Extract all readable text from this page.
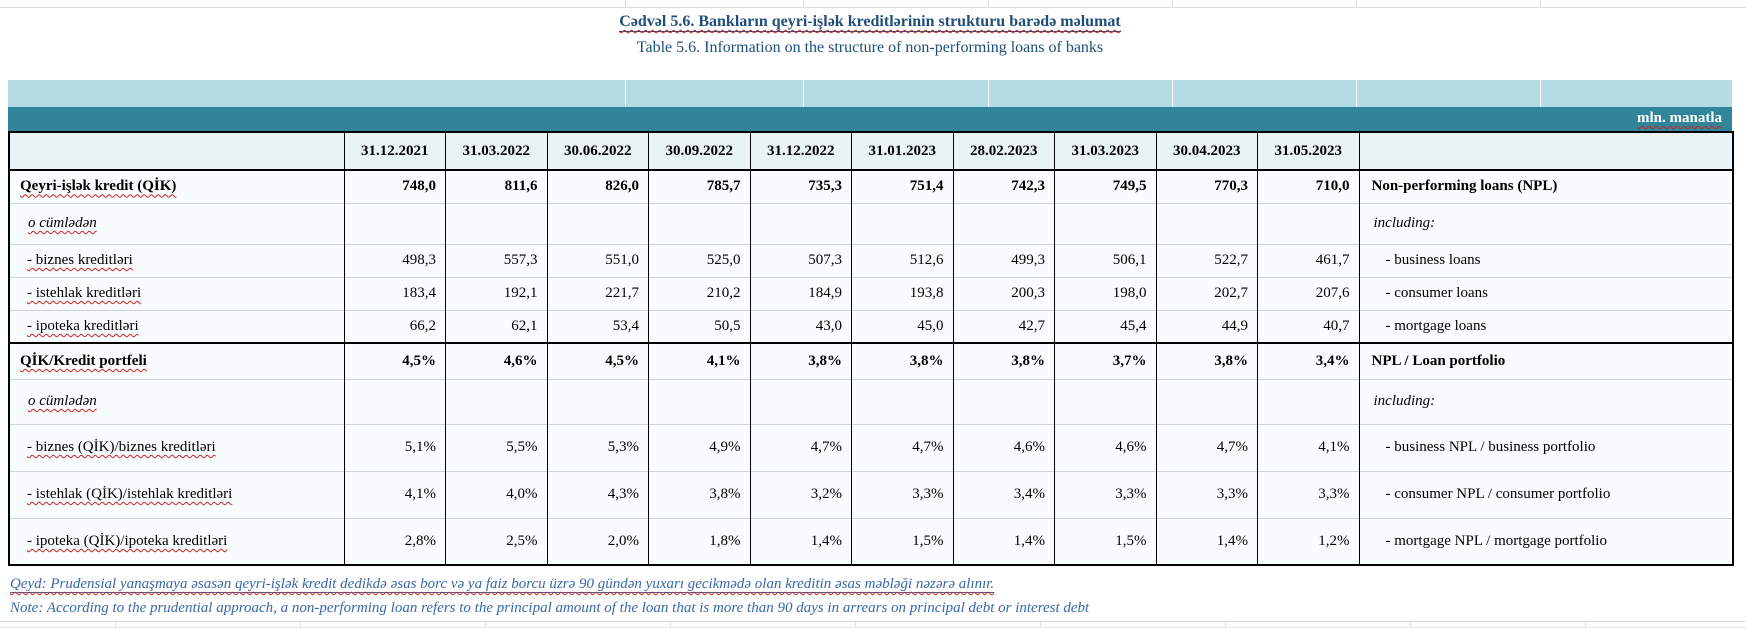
Cədvəl 5.6. Bankların qeyri-işlək kreditlərinin strukturu barədə məlumat
Table 5.6. Information on the structure of non-performing loans of banks
mln. manatla
	31.12.2021	31.03.2022	30.06.2022	30.09.2022	31.12.2022	31.01.2023	28.02.2023	31.03.2023	30.04.2023	31.05.2023	
Qeyri-işlək kredit (QİK)	748,0	811,6	826,0	785,7	735,3	751,4	742,3	749,5	770,3	710,0	Non-performing loans (NPL)
o cümlədən											including:
- biznes kreditləri	498,3	557,3	551,0	525,0	507,3	512,6	499,3	506,1	522,7	461,7	- business loans
- istehlak kreditləri	183,4	192,1	221,7	210,2	184,9	193,8	200,3	198,0	202,7	207,6	- consumer loans
- ipoteka kreditləri	66,2	62,1	53,4	50,5	43,0	45,0	42,7	45,4	44,9	40,7	- mortgage loans
QİK/Kredit portfeli	4,5%	4,6%	4,5%	4,1%	3,8%	3,8%	3,8%	3,7%	3,8%	3,4%	NPL / Loan portfolio
o cümlədən											including:
- biznes (QİK)/biznes kreditləri	5,1%	5,5%	5,3%	4,9%	4,7%	4,7%	4,6%	4,6%	4,7%	4,1%	- business NPL / business portfolio
- istehlak (QİK)/istehlak kreditləri	4,1%	4,0%	4,3%	3,8%	3,2%	3,3%	3,4%	3,3%	3,3%	3,3%	- consumer NPL / consumer portfolio
- ipoteka (QİK)/ipoteka kreditləri	2,8%	2,5%	2,0%	1,8%	1,4%	1,5%	1,4%	1,5%	1,4%	1,2%	- mortgage NPL / mortgage portfolio
Qeyd: Prudensial yanaşmaya əsasən qeyri-işlək kredit dedikdə əsas borc və ya faiz borcu üzrə 90 gündən yuxarı gecikmədə olan kreditin əsas məbləği nəzərə alınır.
Note: According to the prudential approach, a non-performing loan refers to the principal amount of the loan that is more than 90 days in arrears on principal debt or interest debt
